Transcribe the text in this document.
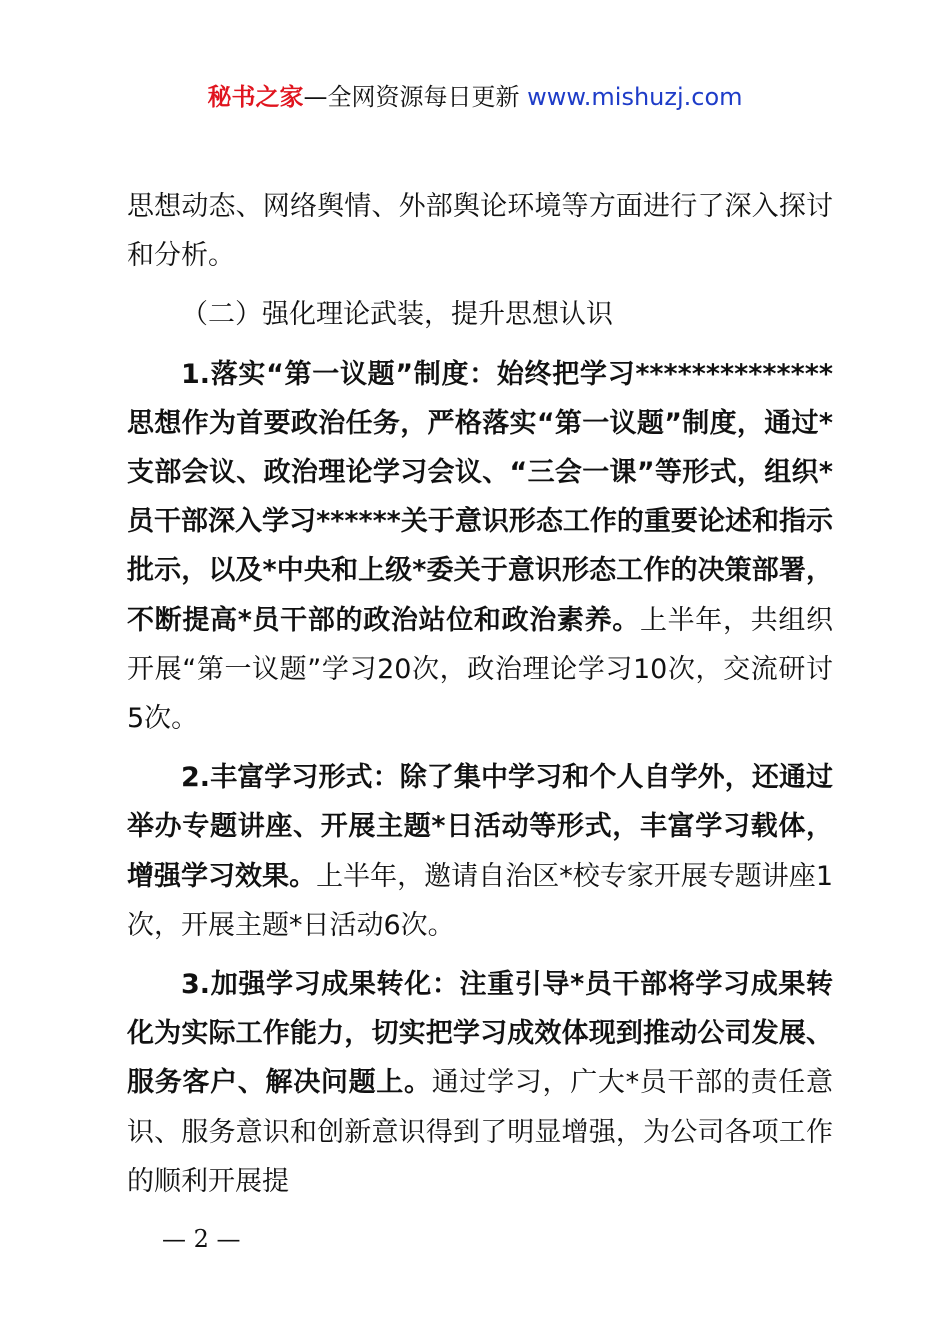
秘书之家—全网资源每日更新 www.mishuzj.com

思想动态、网络舆情、外部舆论环境等方面进行了深入探讨和分析。

（二）强化理论武装，提升思想认识

1.落实“第一议题”制度：始终把学习**************思想作为首要政治任务，严格落实“第一议题”制度，通过*支部会议、政治理论学习会议、“三会一课”等形式，组织*员干部深入学习******关于意识形态工作的重要论述和指示批示，以及*中央和上级*委关于意识形态工作的决策部署，不断提高*员干部的政治站位和政治素养。上半年，共组织开展“第一议题”学习20次，政治理论学习10次，交流研讨5次。

2.丰富学习形式：除了集中学习和个人自学外，还通过举办专题讲座、开展主题*日活动等形式，丰富学习载体，增强学习效果。上半年，邀请自治区*校专家开展专题讲座1次，开展主题*日活动6次。

3.加强学习成果转化：注重引导*员干部将学习成果转化为实际工作能力，切实把学习成效体现到推动公司发展、服务客户、解决问题上。通过学习，广大*员干部的责任意识、服务意识和创新意识得到了明显增强，为公司各项工作的顺利开展提

— 2 —
